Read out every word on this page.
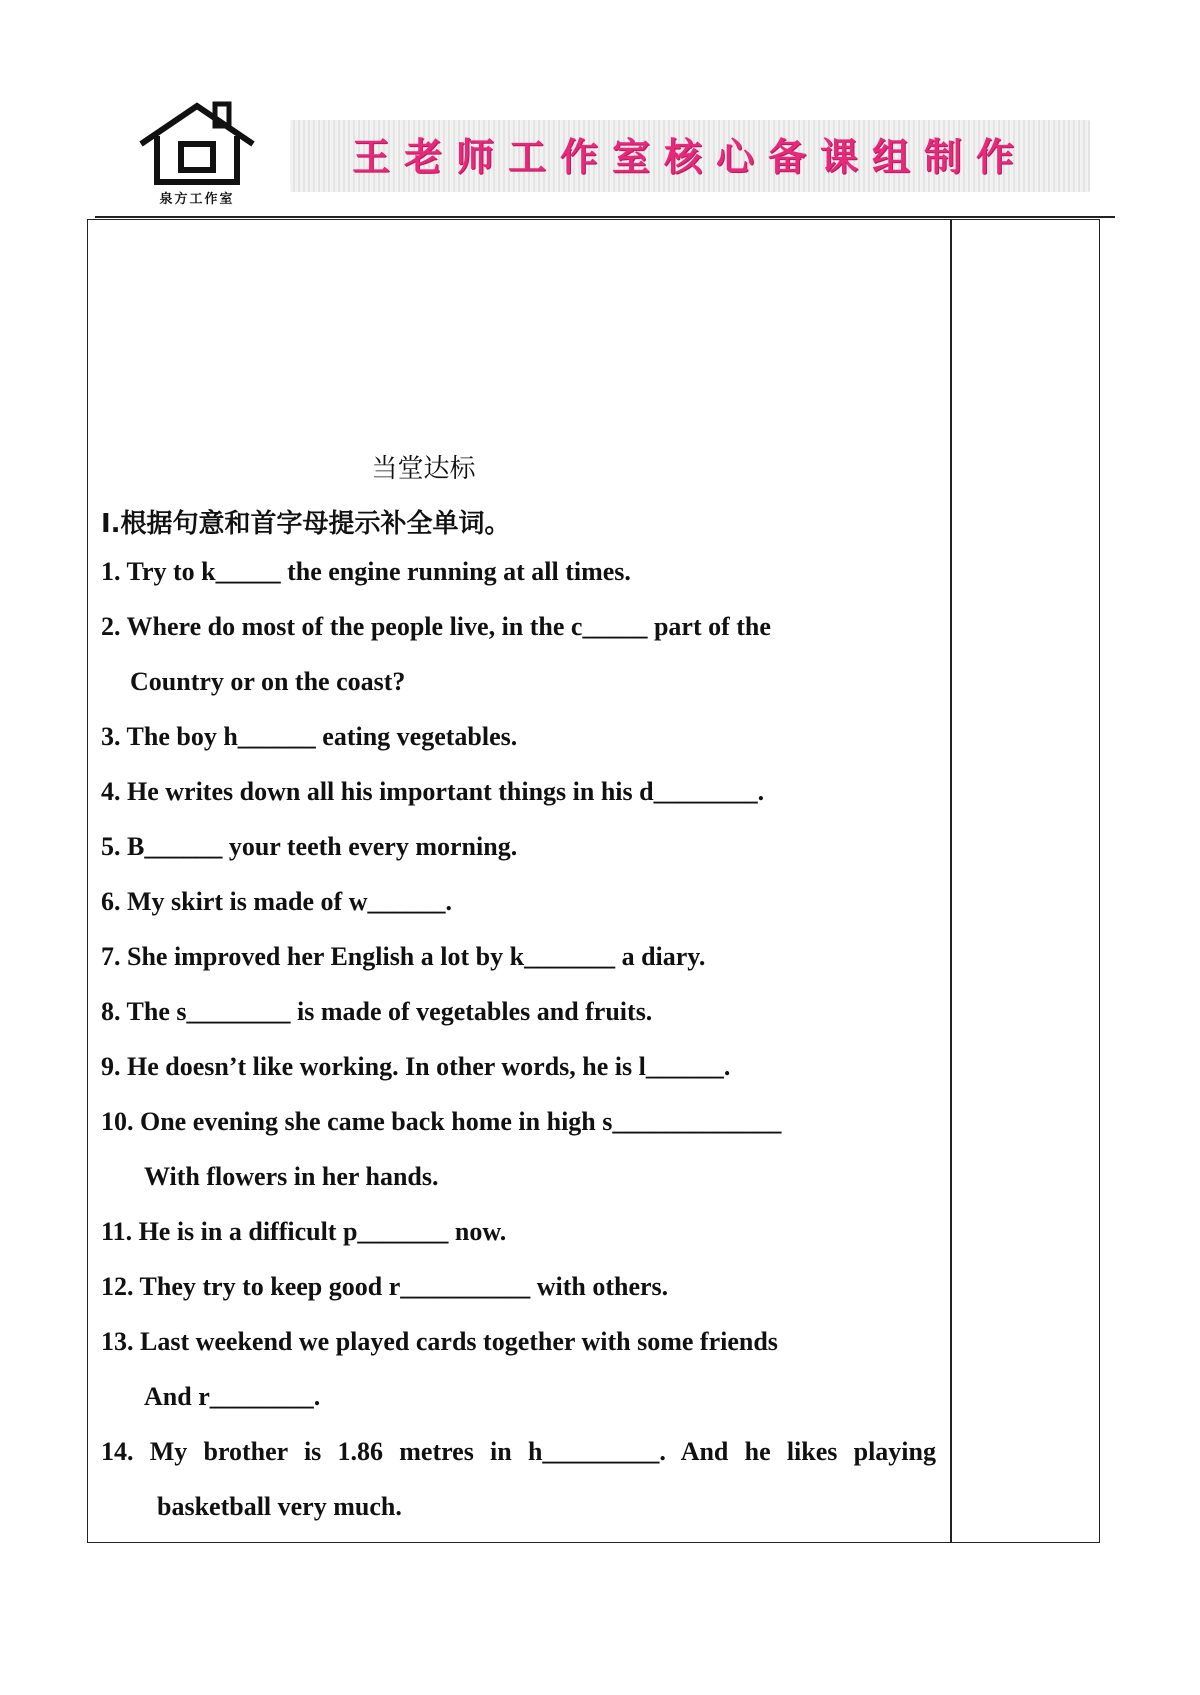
泉方工作室
王老师工作室核心备课组制作
当堂达标
I.根据句意和首字母提示补全单词。
1. Try to k_____ the engine running at all times.
2. Where do most of the people live, in the c_____ part of the
Country or on the coast?
3. The boy h______ eating vegetables.
4. He writes down all his important things in his d________.
5. B______ your teeth every morning.
6. My skirt is made of w______.
7. She improved her English a lot by k_______ a diary.
8. The s________ is made of vegetables and fruits.
9. He doesn’t like working. In other words, he is l______.
10. One evening she came back home in high s_____________
With flowers in her hands.
11. He is in a difficult p_______ now.
12. They try to keep good r__________ with others.
13. Last weekend we played cards together with some friends
And r________.
14. My brother is 1.86 metres in h_________. And he likes playing
basketball very much.
